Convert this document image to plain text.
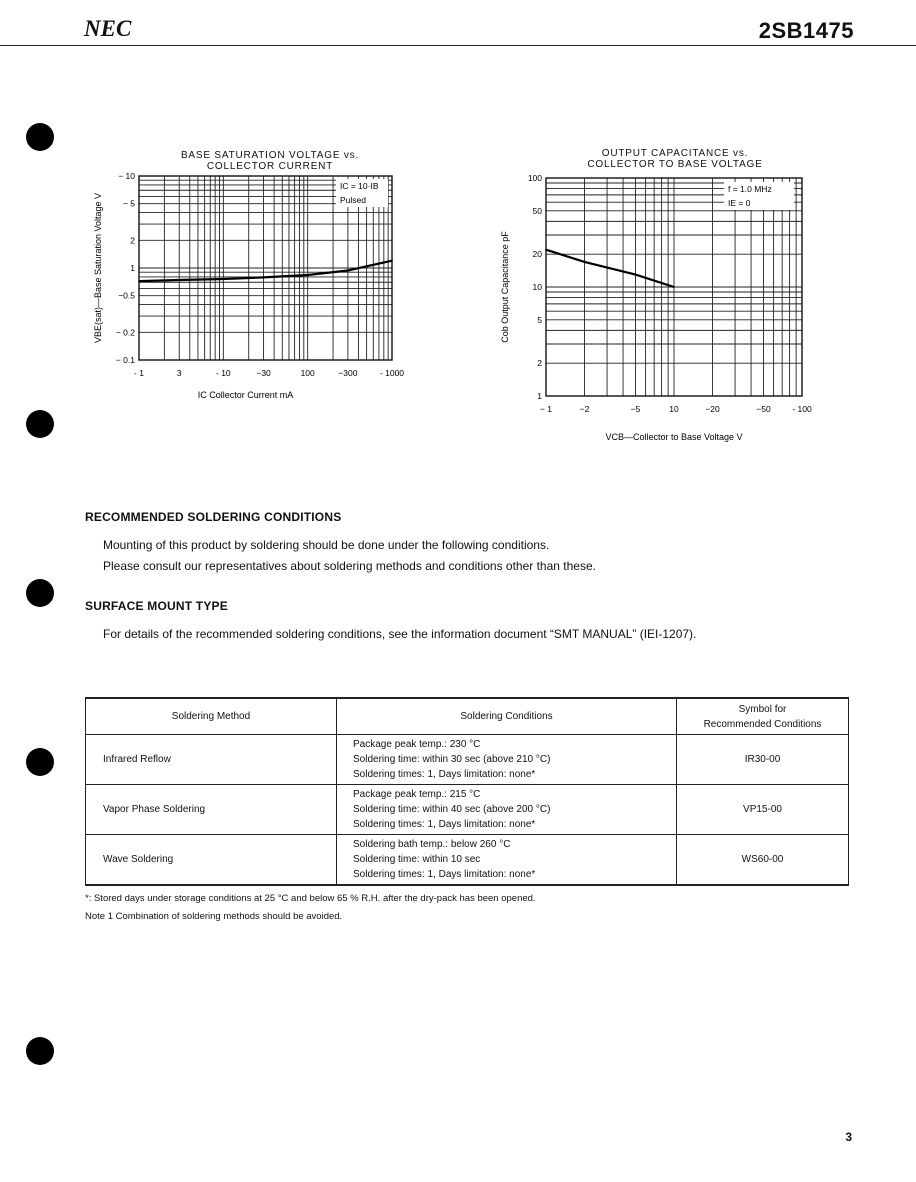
NEC	2SB1475
BASE SATURATION VOLTAGE vs.
COLLECTOR CURRENT
- 1	3	- 10	−30	100	−300	- 1000
− 10
− 5
2
1
−0.5
− 0.2
− 0.1
IC = 10·IB
Pulsed
IC Collector Current mA
VBE(sat)—Base Saturation Voltage V
OUTPUT CAPACITANCE vs.
COLLECTOR TO BASE VOLTAGE
− 1	−2	−5	10	−20	−50	- 100
100
50
20
10
5
2
1
f = 1.0 MHz
IE = 0
VCB—Collector to Base Voltage V
Cob Output Capacitance pF
RECOMMENDED SOLDERING CONDITIONS
Mounting of this product by soldering should be done under the following conditions.
Please consult our representatives about soldering methods and conditions other than these.
SURFACE MOUNT TYPE
For details of the recommended soldering conditions, see the information document “SMT MANUAL” (IEI-1207).
Soldering Method	Soldering Conditions	Symbol for
Recommended Conditions
Infrared Reflow	Package peak temp.: 230 °C
Soldering time: within 30 sec (above 210 °C)
Soldering times: 1, Days limitation: none*	IR30-00
Vapor Phase Soldering	Package peak temp.: 215 °C
Soldering time: within 40 sec (above 200 °C)
Soldering times: 1, Days limitation: none*	VP15-00
Wave Soldering	Soldering bath temp.: below 260 °C
Soldering time: within 10 sec
Soldering times: 1, Days limitation: none*	WS60-00
*: Stored days under storage conditions at 25 °C and below 65 % R.H. after the dry-pack has been opened.
Note 1 Combination of soldering methods should be avoided.
3
